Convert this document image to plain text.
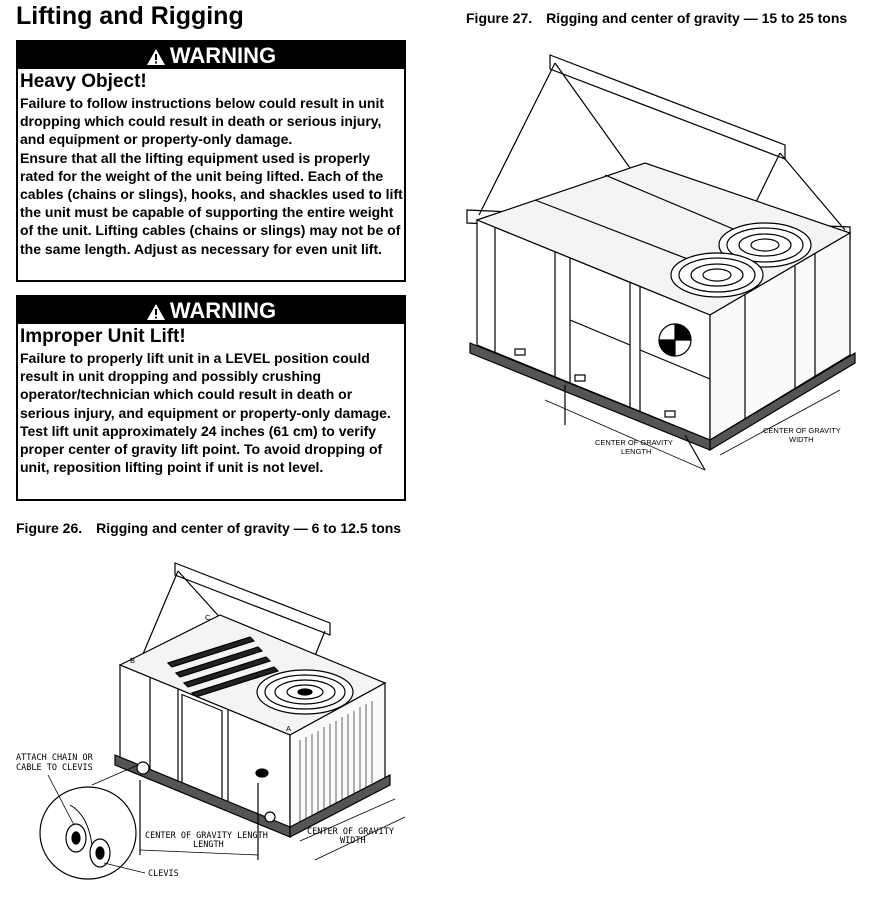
Lifting and Rigging
WARNING
Heavy Object!

Failure to follow instructions below could result in unit dropping which could result in death or serious injury, and equipment or property-only damage.

Ensure that all the lifting equipment used is properly rated for the weight of the unit being lifted. Each of the cables (chains or slings), hooks, and shackles used to lift the unit must be capable of supporting the entire weight of the unit. Lifting cables (chains or slings) may not be of the same length. Adjust as necessary for even unit lift.

WARNING
Improper Unit Lift!

Failure to properly lift unit in a LEVEL position could result in unit dropping and possibly crushing operator/technician which could result in death or serious injury, and equipment or property-only damage.

Test lift unit approximately 24 inches (61 cm) to verify proper center of gravity lift point. To avoid dropping of unit, reposition lifting point if unit is not level.

Figure 26. Rigging and center of gravity — 6 to 12.5 tons
Figure 27. Rigging and center of gravity — 15 to 25 tons
ATTACH CHAIN OR
CABLE TO CLEVIS
CLEVIS
CENTER OF GRAVITY LENGTH
LENGTH
CENTER OF GRAVITY
WIDTH
A
B
C
CENTER OF GRAVITY
LENGTH
CENTER OF GRAVITY
WIDTH
